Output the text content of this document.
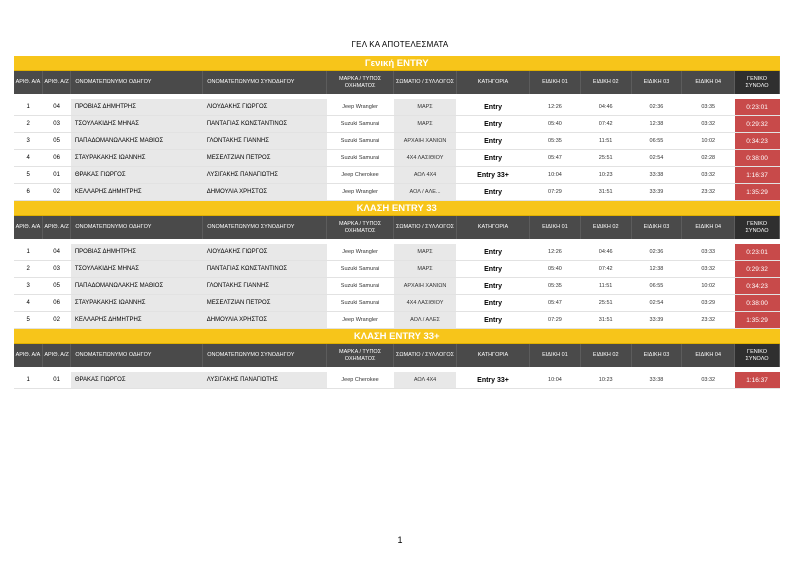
ΓΕΛ ΚΑ ΑΠΟΤΕΛΕΣΜΑΤΑ
Γενική ENTRY											
ΑΡΙΘ. Α/Α	ΑΡΙΘ. Α/Ζ	ΟΝΟΜΑΤΕΠΩΝΥΜΟ ΟΔΗΓΟΥ	ΟΝΟΜΑΤΕΠΩΝΥΜΟ ΣΥΝΟΔΗΓΟΥ	ΜΑΡΚΑ / ΤΥΠΟΣ ΟΧΗΜΑΤΟΣ	ΣΩΜΑΤΙΟ / ΣΥΛΛΟΓΟΣ	ΚΑΤΗΓΟΡΙΑ	ΕΙΔΙΚΗ 01	ΕΙΔΙΚΗ 02	ΕΙΔΙΚΗ 03	ΕΙΔΙΚΗ 04	ΓΕΝΙΚΟ ΣΥΝΟΛΟ

1	04	ΠΡΟΒΙΑΣ ΔΗΜΗΤΡΗΣ	ΛΙΟΥΔΑΚΗΣ ΓΙΩΡΓΟΣ	Jeep Wrangler	ΜΑΡΣ	Entry	12:26	04:46	02:36	03:35	0:23:01
2	03	ΤΣΟΥΛΑΚΙΔΗΣ ΜΗΝΑΣ	ΠΑΝΤΑΓΙΑΣ ΚΩΝΣΤΑΝΤΙΝΟΣ	Suzuki Samurai	ΜΑΡΣ	Entry	05:40	07:42	12:38	03:32	0:29:32
3	05	ΠΑΠΑΔΟΜΑΝΩΛΑΚΗΣ ΜΑΘΙΟΣ	ΓΛΟΝΤΑΚΗΣ ΓΙΑΝΝΗΣ	Suzuki Samurai	ΑΡΧΑΙΗ ΧΑΝΙΩΝ	Entry	05:35	11:51	06:55	10:02	0:34:23
4	06	ΣΤΑΥΡΑΚΑΚΗΣ ΙΩΑΝΝΗΣ	ΜΕΣΕΛΤΖΙΑΝ ΠΕΤΡΟΣ	Suzuki Samurai	4Χ4 ΛΑΣΙΘΙΟΥ	Entry	05:47	25:51	02:54	02:28	0:38:00
5	01	ΘΡΑΚΑΣ ΓΙΩΡΓΟΣ	ΛΥΣΙΓΑΚΗΣ ΠΑΝΑΓΙΩΤΗΣ	Jeep Cherokee	ΑΟΛ 4Χ4	Entry 33+	10:04	10:23	33:38	03:32	1:16:37
6	02	ΚΕΛΛΑΡΗΣ ΔΗΜΗΤΡΗΣ	ΔΗΜΟΥΛΙΑ ΧΡΗΣΤΟΣ	Jeep Wrangler	ΑΟΛ / ΑΛΕ...	Entry	07:29	31:51	33:39	23:32	1:35:29
ΚΛΑΣΗ ENTRY 33											
ΑΡΙΘ. Α/Α	ΑΡΙΘ. Α/Ζ	ΟΝΟΜΑΤΕΠΩΝΥΜΟ ΟΔΗΓΟΥ	ΟΝΟΜΑΤΕΠΩΝΥΜΟ ΣΥΝΟΔΗΓΟΥ	ΜΑΡΚΑ / ΤΥΠΟΣ ΟΧΗΜΑΤΟΣ	ΣΩΜΑΤΙΟ / ΣΥΛΛΟΓΟΣ	ΚΑΤΗΓΟΡΙΑ	ΕΙΔΙΚΗ 01	ΕΙΔΙΚΗ 02	ΕΙΔΙΚΗ 03	ΕΙΔΙΚΗ 04	ΓΕΝΙΚΟ ΣΥΝΟΛΟ

1	04	ΠΡΟΒΙΑΣ ΔΗΜΗΤΡΗΣ	ΛΙΟΥΔΑΚΗΣ ΓΙΩΡΓΟΣ	Jeep Wrangler	ΜΑΡΣ	Entry	12:26	04:46	02:36	03:33	0:23:01
2	03	ΤΣΟΥΛΑΚΙΔΗΣ ΜΗΝΑΣ	ΠΑΝΤΑΓΙΑΣ ΚΩΝΣΤΑΝΤΙΝΟΣ	Suzuki Samurai	ΜΑΡΣ	Entry	05:40	07:42	12:38	03:32	0:29:32
3	05	ΠΑΠΑΔΟΜΑΝΩΛΑΚΗΣ ΜΑΘΙΟΣ	ΓΛΟΝΤΑΚΗΣ ΓΙΑΝΝΗΣ	Suzuki Samurai	ΑΡΧΑΙΗ ΧΑΝΙΩΝ	Entry	05:35	11:51	06:55	10:02	0:34:23
4	06	ΣΤΑΥΡΑΚΑΚΗΣ ΙΩΑΝΝΗΣ	ΜΕΣΕΛΤΖΙΑΝ ΠΕΤΡΟΣ	Suzuki Samurai	4Χ4 ΛΑΣΙΘΙΟΥ	Entry	05:47	25:51	02:54	03:29	0:38:00
5	02	ΚΕΛΛΑΡΗΣ ΔΗΜΗΤΡΗΣ	ΔΗΜΟΥΛΙΑ ΧΡΗΣΤΟΣ	Jeep Wrangler	ΑΟΛ / ΑΛΕΣ	Entry	07:29	31:51	33:39	23:32	1:35:29
ΚΛΑΣΗ ENTRY 33+											
ΑΡΙΘ. Α/Α	ΑΡΙΘ. Α/Ζ	ΟΝΟΜΑΤΕΠΩΝΥΜΟ ΟΔΗΓΟΥ	ΟΝΟΜΑΤΕΠΩΝΥΜΟ ΣΥΝΟΔΗΓΟΥ	ΜΑΡΚΑ / ΤΥΠΟΣ ΟΧΗΜΑΤΟΣ	ΣΩΜΑΤΙΟ / ΣΥΛΛΟΓΟΣ	ΚΑΤΗΓΟΡΙΑ	ΕΙΔΙΚΗ 01	ΕΙΔΙΚΗ 02	ΕΙΔΙΚΗ 03	ΕΙΔΙΚΗ 04	ΓΕΝΙΚΟ ΣΥΝΟΛΟ

1	01	ΘΡΑΚΑΣ ΓΙΩΡΓΟΣ	ΛΥΣΙΓΑΚΗΣ ΠΑΝΑΓΙΩΤΗΣ	Jeep Cherokee	ΑΟΛ 4Χ4	Entry 33+	10:04	10:23	33:38	03:32	1:16:37
1
